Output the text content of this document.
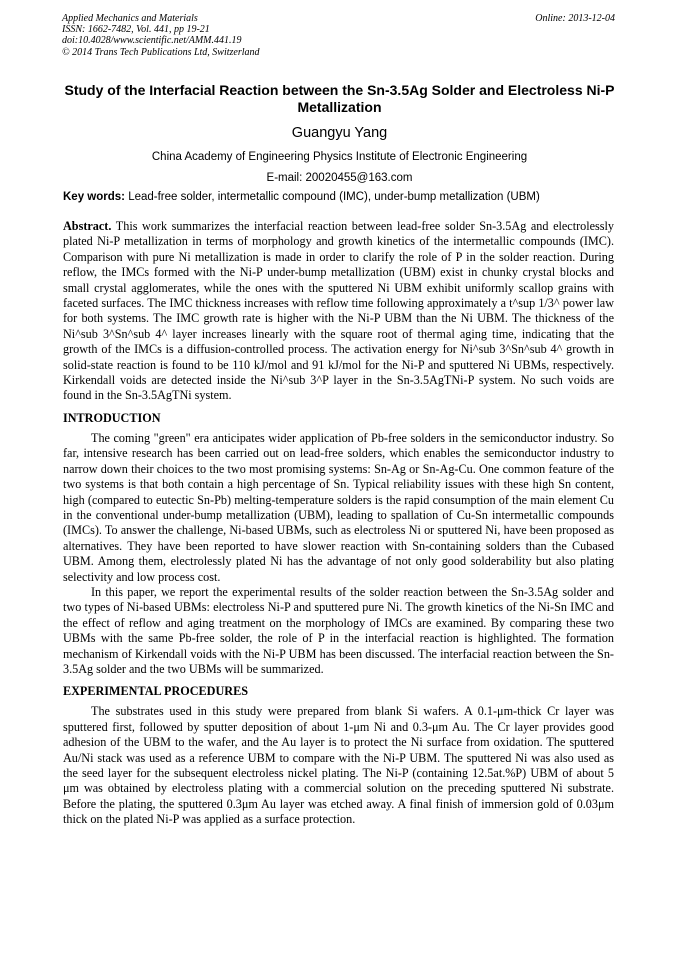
Applied Mechanics and Materials
ISSN: 1662-7482, Vol. 441, pp 19-21
doi:10.4028/www.scientific.net/AMM.441.19
© 2014 Trans Tech Publications Ltd, Switzerland
Online: 2013-12-04
Study of the Interfacial Reaction between the Sn-3.5Ag Solder and Electroless Ni-P Metallization
Guangyu Yang
China Academy of Engineering Physics Institute of Electronic Engineering
E-mail: 20020455@163.com
Key words: Lead-free solder, intermetallic compound (IMC), under-bump metallization (UBM)

Abstract. This work summarizes the interfacial reaction between lead-free solder Sn-3.5Ag and electrolessly plated Ni-P metallization in terms of morphology and growth kinetics of the intermetallic compounds (IMC). Comparison with pure Ni metallization is made in order to clarify the role of P in the solder reaction. During reflow, the IMCs formed with the Ni-P under-bump metallization (UBM) exist in chunky crystal blocks and small crystal agglomerates, while the ones with the sputtered Ni UBM exhibit uniformly scallop grains with faceted surfaces. The IMC thickness increases with reflow time following approximately a t^sup 1/3^ power law for both systems. The IMC growth rate is higher with the Ni-P UBM than the Ni UBM. The thickness of the Ni^sub 3^Sn^sub 4^ layer increases linearly with the square root of thermal aging time, indicating that the growth of the IMCs is a diffusion-controlled process. The activation energy for Ni^sub 3^Sn^sub 4^ growth in solid-state reaction is found to be 110 kJ/mol and 91 kJ/mol for the Ni-P and sputtered Ni UBMs, respectively. Kirkendall voids are detected inside the Ni^sub 3^P layer in the Sn-3.5AgTNi-P system. No such voids are found in the Sn-3.5AgTNi system.

INTRODUCTION

The coming "green" era anticipates wider application of Pb-free solders in the semiconductor industry. So far, intensive research has been carried out on lead-free solders, which enables the semiconductor industry to narrow down their choices to the two most promising systems: Sn-Ag or Sn-Ag-Cu. One common feature of the two systems is that both contain a high percentage of Sn. Typical reliability issues with these high Sn content, high (compared to eutectic Sn-Pb) melting-temperature solders is the rapid consumption of the main element Cu in the conventional under-bump metallization (UBM), leading to spallation of Cu-Sn intermetallic compounds (IMCs). To answer the challenge, Ni-based UBMs, such as electroless Ni or sputtered Ni, have been proposed as alternatives. They have been reported to have slower reaction with Sn-containing solders than the Cubased UBM. Among them, electrolessly plated Ni has the advantage of not only good solderability but also plating selectivity and low process cost.

In this paper, we report the experimental results of the solder reaction between the Sn-3.5Ag solder and two types of Ni-based UBMs: electroless Ni-P and sputtered pure Ni. The growth kinetics of the Ni-Sn IMC and the effect of reflow and aging treatment on the morphology of IMCs are examined. By comparing these two UBMs with the same Pb-free solder, the role of P in the interfacial reaction is highlighted. The formation mechanism of Kirkendall voids with the Ni-P UBM has been discussed. The interfacial reaction between the Sn-3.5Ag solder and the two UBMs will be summarized.

EXPERIMENTAL PROCEDURES

The substrates used in this study were prepared from blank Si wafers. A 0.1-μm-thick Cr layer was sputtered first, followed by sputter deposition of about 1-μm Ni and 0.3-μm Au. The Cr layer provides good adhesion of the UBM to the wafer, and the Au layer is to protect the Ni surface from oxidation. The sputtered Au/Ni stack was used as a reference UBM to compare with the Ni-P UBM. The sputtered Ni was also used as the seed layer for the subsequent electroless nickel plating. The Ni-P (containing 12.5at.%P) UBM of about 5 μm was obtained by electroless plating with a commercial solution on the preceding sputtered Ni substrate. Before the plating, the sputtered 0.3μm Au layer was etched away. A final finish of immersion gold of 0.03μm thick on the plated Ni-P was applied as a surface protection.
